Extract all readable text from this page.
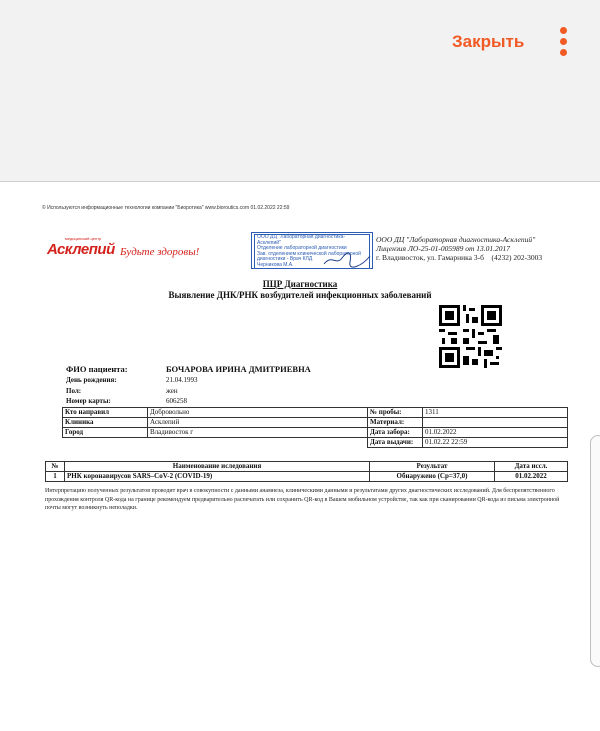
Закрыть
© Используются информационные технологии компании "Биоротика" www.bioroutics.com 01.02.2022 22:59
медицинский центр
Асклепий Будьте здоровы!
ООО ДЦ "Лабораторная диагностика-Асклепий"
Отделение лабораторной диагностики
Зав. отделением клинической лабораторной
диагностики - Врач КЛД
Черникова М.А.
ООО ДЦ "Лабораторная диагностика-Асклепий"
Лицензия ЛО-25-01-005989 от 13.01.2017
г. Владивосток, ул. Гамарника 3-б (4232) 202-3003
ПЦР Диагностика
Выявление ДНК/РНК возбудителей инфекционных заболеваний
ФИО пациента:	БОЧАРОВА ИРИНА ДМИТРИЕВНА
День рождения:	21.04.1993
Пол:	жен
Номер карты:	606258
Кто направил	Добровольно	№ пробы:	1311
Клиника	Асклепий	Материал:	
Город	Владивосток г	Дата забора:	01.02.2022
		Дата выдачи:	01.02.22 22:59
№	Наименование иследования	Результат	Дата иссл.
1	РНК коронавирусов SARS–CoV-2 (COVID-19)	Обнаружено (Ср=37,0)	01.02.2022
Интерпретацию полученных результатов проводит врач в совокупности с данными анамнеза, клиническими данными и результатами других диагностических исследований. Для беспрепятственного прохождения контроля QR-кода на границе рекомендуем предварительно распечатать или сохранить QR-код в Вашем мобильном устройстве, так как при сканировании QR-кода из письма электронной почты могут возникнуть неполадки.
